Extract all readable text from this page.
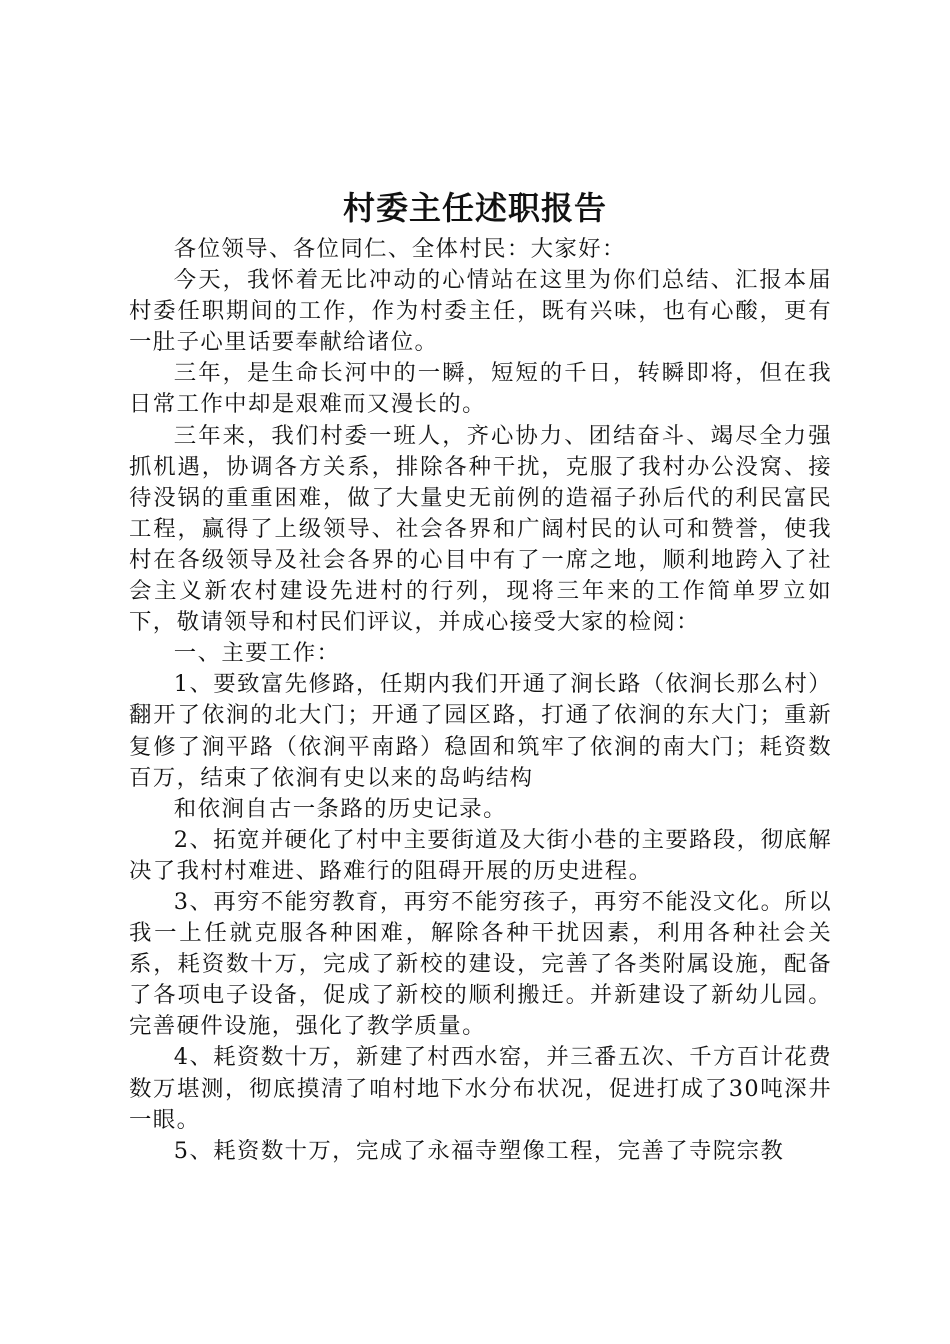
村委主任述职报告

各位领导、各位同仁、全体村民：大家好：

今天，我怀着无比冲动的心情站在这里为你们总结、汇报本届村委任职期间的工作，作为村委主任，既有兴味，也有心酸，更有一肚子心里话要奉献给诸位。

三年，是生命长河中的一瞬，短短的千日，转瞬即将，但在我日常工作中却是艰难而又漫长的。

三年来，我们村委一班人，齐心协力、团结奋斗、竭尽全力强抓机遇，协调各方关系，排除各种干扰，克服了我村办公没窝、接待没锅的重重困难，做了大量史无前例的造福子孙后代的利民富民工程，赢得了上级领导、社会各界和广阔村民的认可和赞誉，使我村在各级领导及社会各界的心目中有了一席之地，顺利地跨入了社会主义新农村建设先进村的行列，现将三年来的工作简单罗立如下，敬请领导和村民们评议，并成心接受大家的检阅：

一、主要工作：

1、要致富先修路，任期内我们开通了涧长路（依涧长那么村）翻开了依涧的北大门；开通了园区路，打通了依涧的东大门；重新复修了涧平路（依涧平南路）稳固和筑牢了依涧的南大门；耗资数百万，结束了依涧有史以来的岛屿结构

和依涧自古一条路的历史记录。

2、拓宽并硬化了村中主要街道及大街小巷的主要路段，彻底解决了我村村难进、路难行的阻碍开展的历史进程。

3、再穷不能穷教育，再穷不能穷孩子，再穷不能没文化。所以我一上任就克服各种困难，解除各种干扰因素，利用各种社会关系，耗资数十万，完成了新校的建设，完善了各类附属设施，配备了各项电子设备，促成了新校的顺利搬迁。并新建设了新幼儿园。完善硬件设施，强化了教学质量。

4、耗资数十万，新建了村西水窑，并三番五次、千方百计花费数万堪测，彻底摸清了咱村地下水分布状况，促进打成了30吨深井一眼。

5、耗资数十万，完成了永福寺塑像工程，完善了寺院宗教
